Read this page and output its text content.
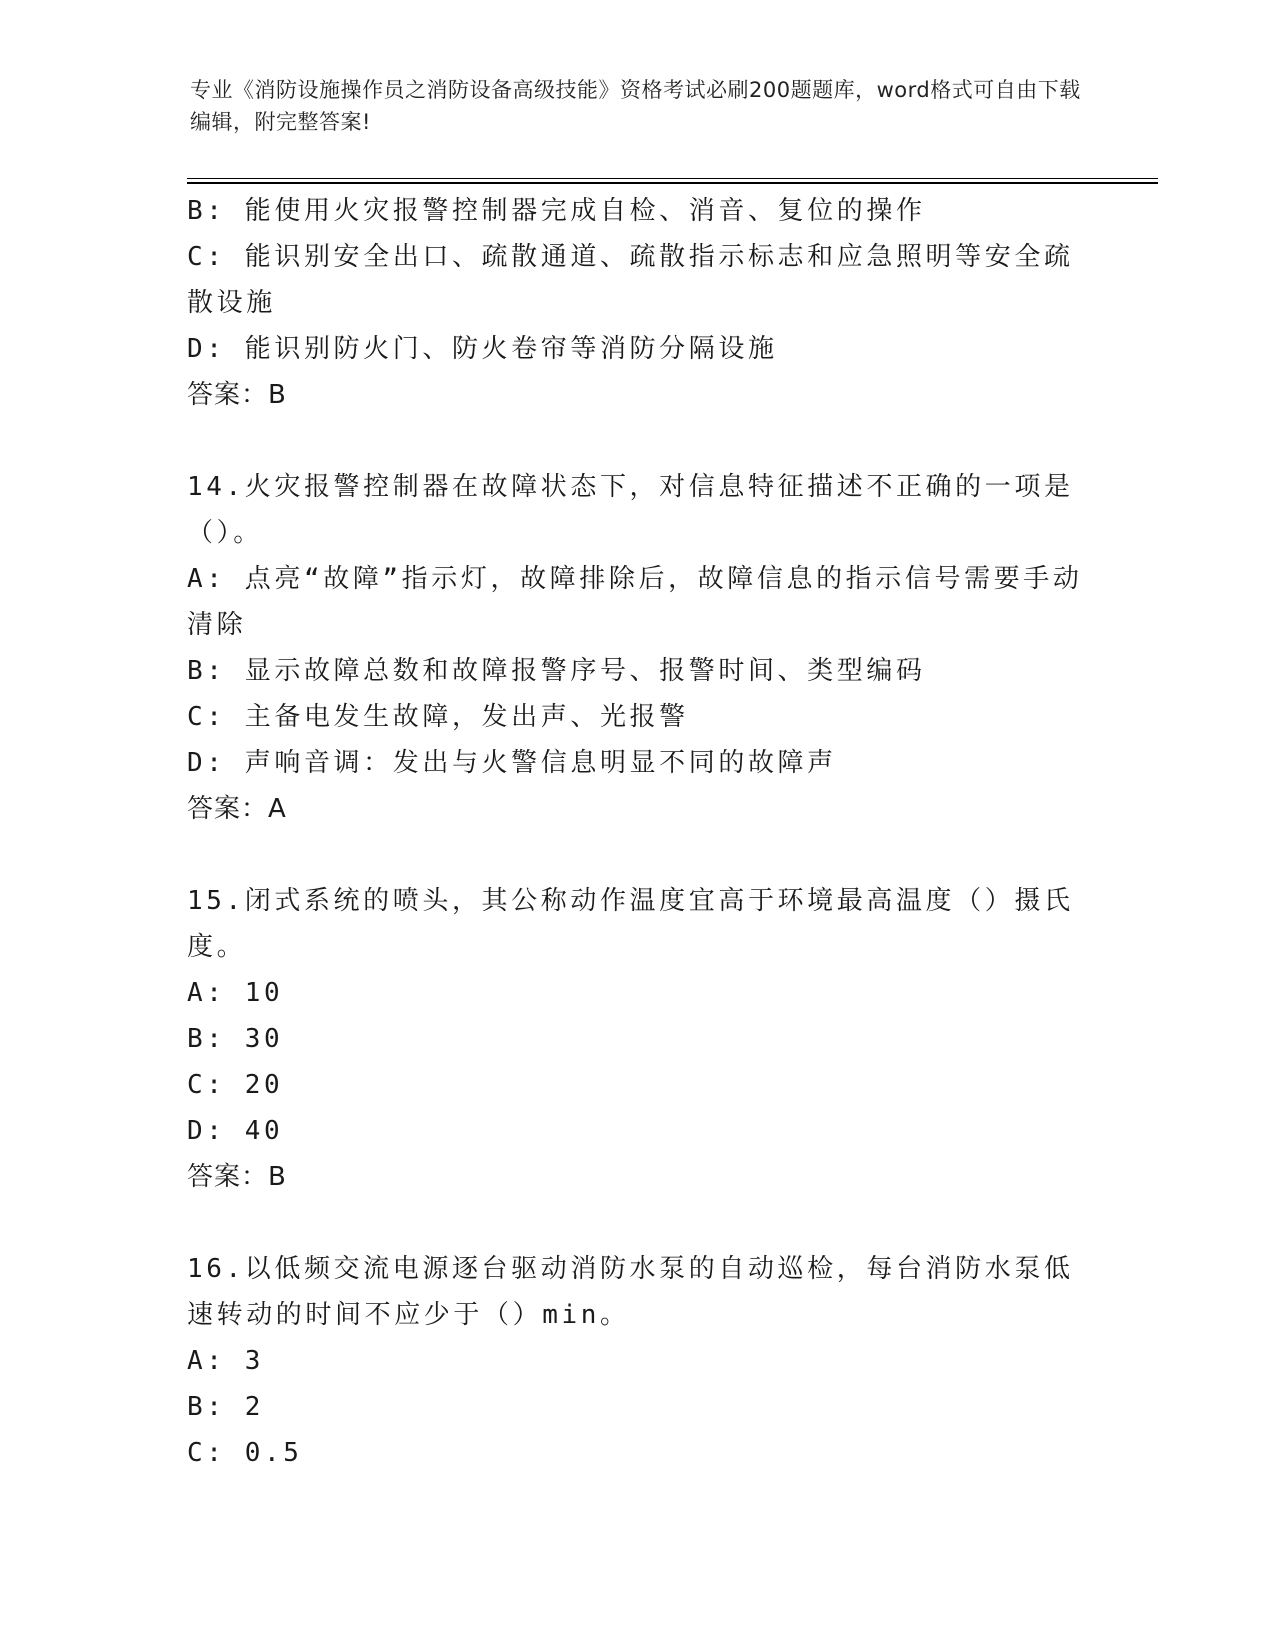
专业《消防设施操作员之消防设备高级技能》资格考试必刷200题题库，word格式可自由下载编辑，附完整答案!
B: 能使用火灾报警控制器完成自检、消音、复位的操作
C: 能识别安全出口、疏散通道、疏散指示标志和应急照明等安全疏散设施
D: 能识别防火门、防火卷帘等消防分隔设施
答案：B
14.火灾报警控制器在故障状态下，对信息特征描述不正确的一项是（）。
A: 点亮“故障”指示灯，故障排除后，故障信息的指示信号需要手动清除
B: 显示故障总数和故障报警序号、报警时间、类型编码
C: 主备电发生故障，发出声、光报警
D: 声响音调：发出与火警信息明显不同的故障声
答案：A
15.闭式系统的喷头，其公称动作温度宜高于环境最高温度（）摄氏度。
A: 10
B: 30
C: 20
D: 40
答案：B
16.以低频交流电源逐台驱动消防水泵的自动巡检，每台消防水泵低速转动的时间不应少于（）min。
A: 3
B: 2
C: 0.5
